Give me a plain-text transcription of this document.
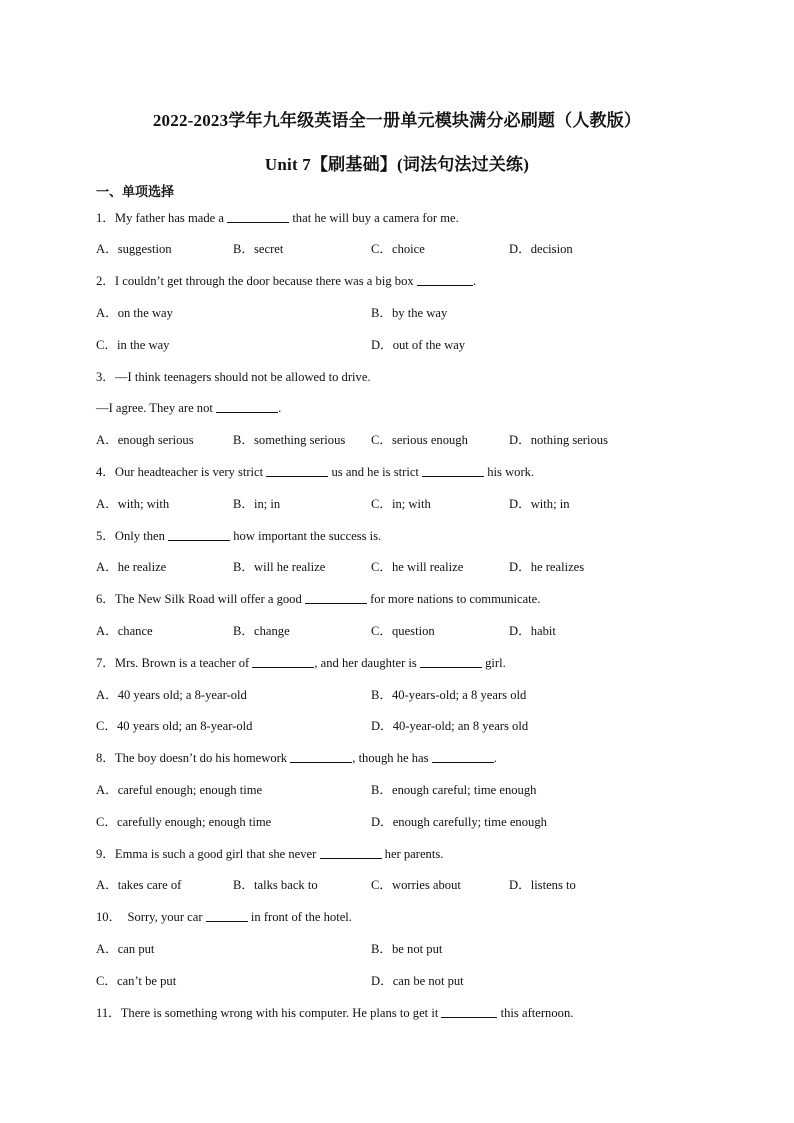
2022-2023学年九年级英语全一册单元模块满分必刷题（人教版）
Unit 7【刷基础】(词法句法过关练)
一、单项选择
1．My father has made a	that he will buy a camera for me.
A．suggestion	B．secret	C．choice	D．decision
2．I couldn’t get through the door because there was a big box	.
A．on the way	B．by the way
C．in the way	D．out of the way
3．—I think teenagers should not be allowed to drive.
—I agree. They are not	.
A．enough serious	B．something serious C．serious enough	D．nothing serious
4．Our headteacher is very strict	us and he is strict	his work.
A．with; with	B．in; in	C．in; with	D．with; in
5．Only then	how important the success is.
A．he realize	B．will he realize	C．he will realize	D．he realizes
6．The New Silk Road will offer a good	for more nations to communicate.
A．chance	B．change	C．question	D．habit
7．Mrs. Brown is a teacher of	, and her daughter is	girl.
A．40 years old; a 8-year-old	B．40-years-old; a 8 years old
C．40 years old; an 8-year-old	D．40-year-old; an 8 years old
8．The boy doesn’t do his homework	, though he has	.
A．careful enough; enough time	B．enough careful; time enough
C．carefully enough; enough time	D．enough carefully; time enough
9．Emma is such a good girl that she never	her parents.
A．takes care of	B．talks back to	C．worries about	D．listens to
10． Sorry, your car	in front of the hotel.
A．can put	B．be not put
C．can’t be put	D．can be not put
11．There is something wrong with his computer. He plans to get it	this afternoon.
